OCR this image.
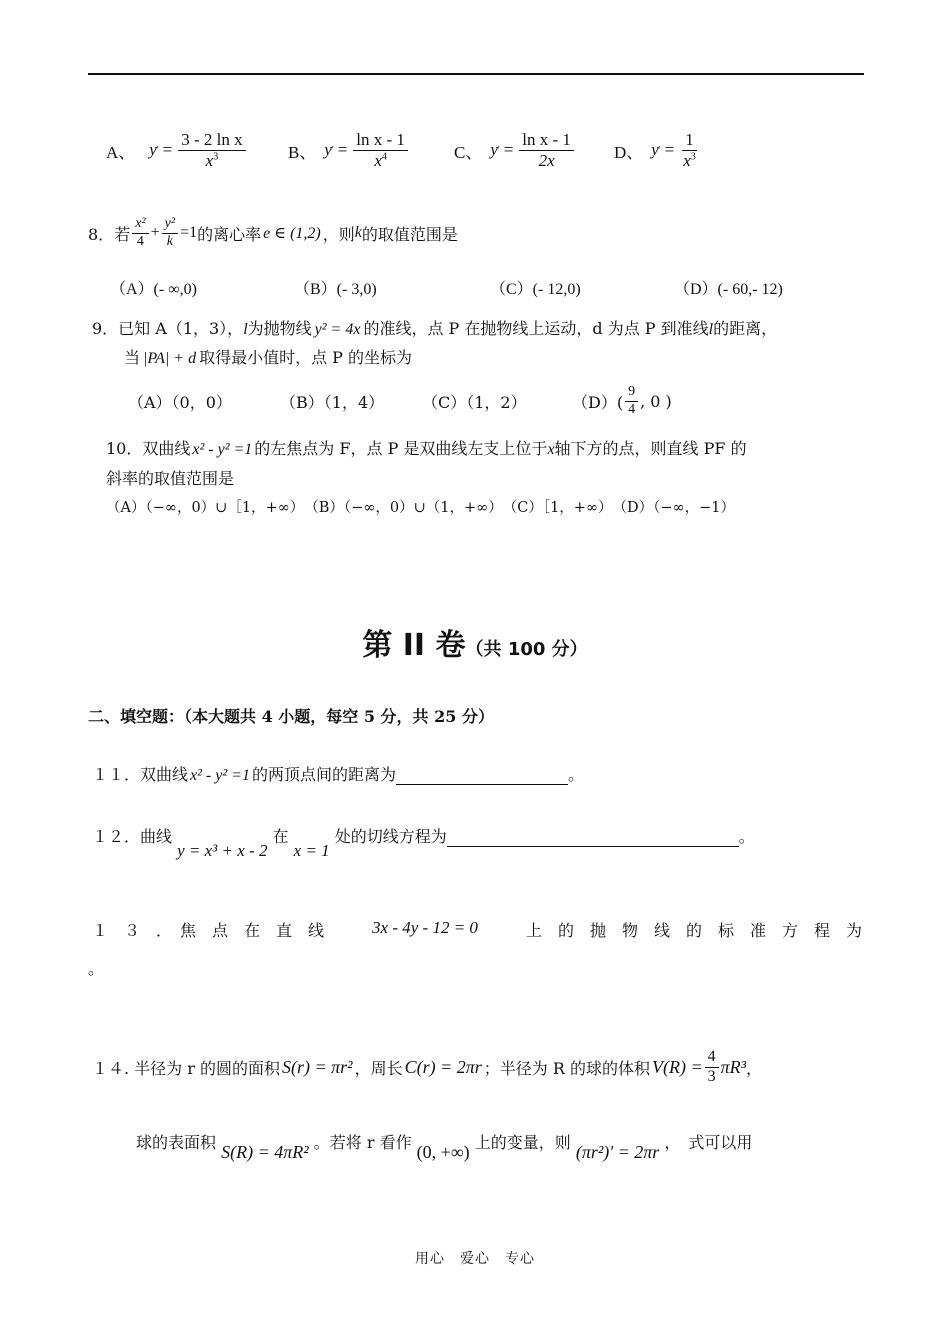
A、 y ' = $\frac{\text{3 - 2 ln x}}{x^3}$ B、 y ' = $\frac{\text{ln x - 1}}{x^4}$	C、 y ' = $\frac{\text{ln x - 1}}{2x}$ D、 y ' = $\frac{1}{x^3}$
8． 若 $\frac{\text{x²}}{4} + \frac{\text{y²}}{k} =1$ 的离心率 e ∈ (1,2) ，则 k 的取值范围是
（A）(- ∞,0)	（B）(- 3,0)	（C）(- 12,0)	（D）(- 60,- 12)
9．已知 A（1，3），l为抛物线 y² = 4x 的准线，点 P 在抛物线上运动，d 为点 P 到准线l的距离，
当 |PA| + d 取得最小值时，点 P 的坐标为
（A）（0，0）	（B）（1，4）	（C）（1，2）	$(D)( \frac{9}{4}$ , 0 )
10．双曲线 x² - y² =1 的左焦点为 F，点 P 是双曲线左支上位于x轴下方的点，则直线 PF 的
斜率的取值范围是
（A）（−∞，0）∪［1，+∞）　（B）（−∞，0）∪（1，+∞）　（C）［1，+∞）　（D）（−∞，−1）
第 II 卷（共 100 分）
二、填空题：（本大题共 4 小题，每空 5 分，共 25 分）
１１．双曲线 x² - y² =1 的两顶点间的距离为	。
１２．曲线 y = x³ + x - 2 在 x = 1 处的切线方程为	。
１　３　．　焦　点　在　直　线	3x - 4y - 12 = 0	上　的　抛　物　线　的　标　准　方　程　为
。
１４. 半径为 r 的圆的面积 S(r) = πr² ，周长 C(r) = 2πr ；半径为 R 的球的体积 $V(R) = \frac{4}{3} \pi R^3$ ，
球的表面积 S(R) = 4πR² 。若将 r 看作 (0, +∞) 上的变量，则 (πr²)' = 2πr ，　式可以用
用心　爱心　专心
